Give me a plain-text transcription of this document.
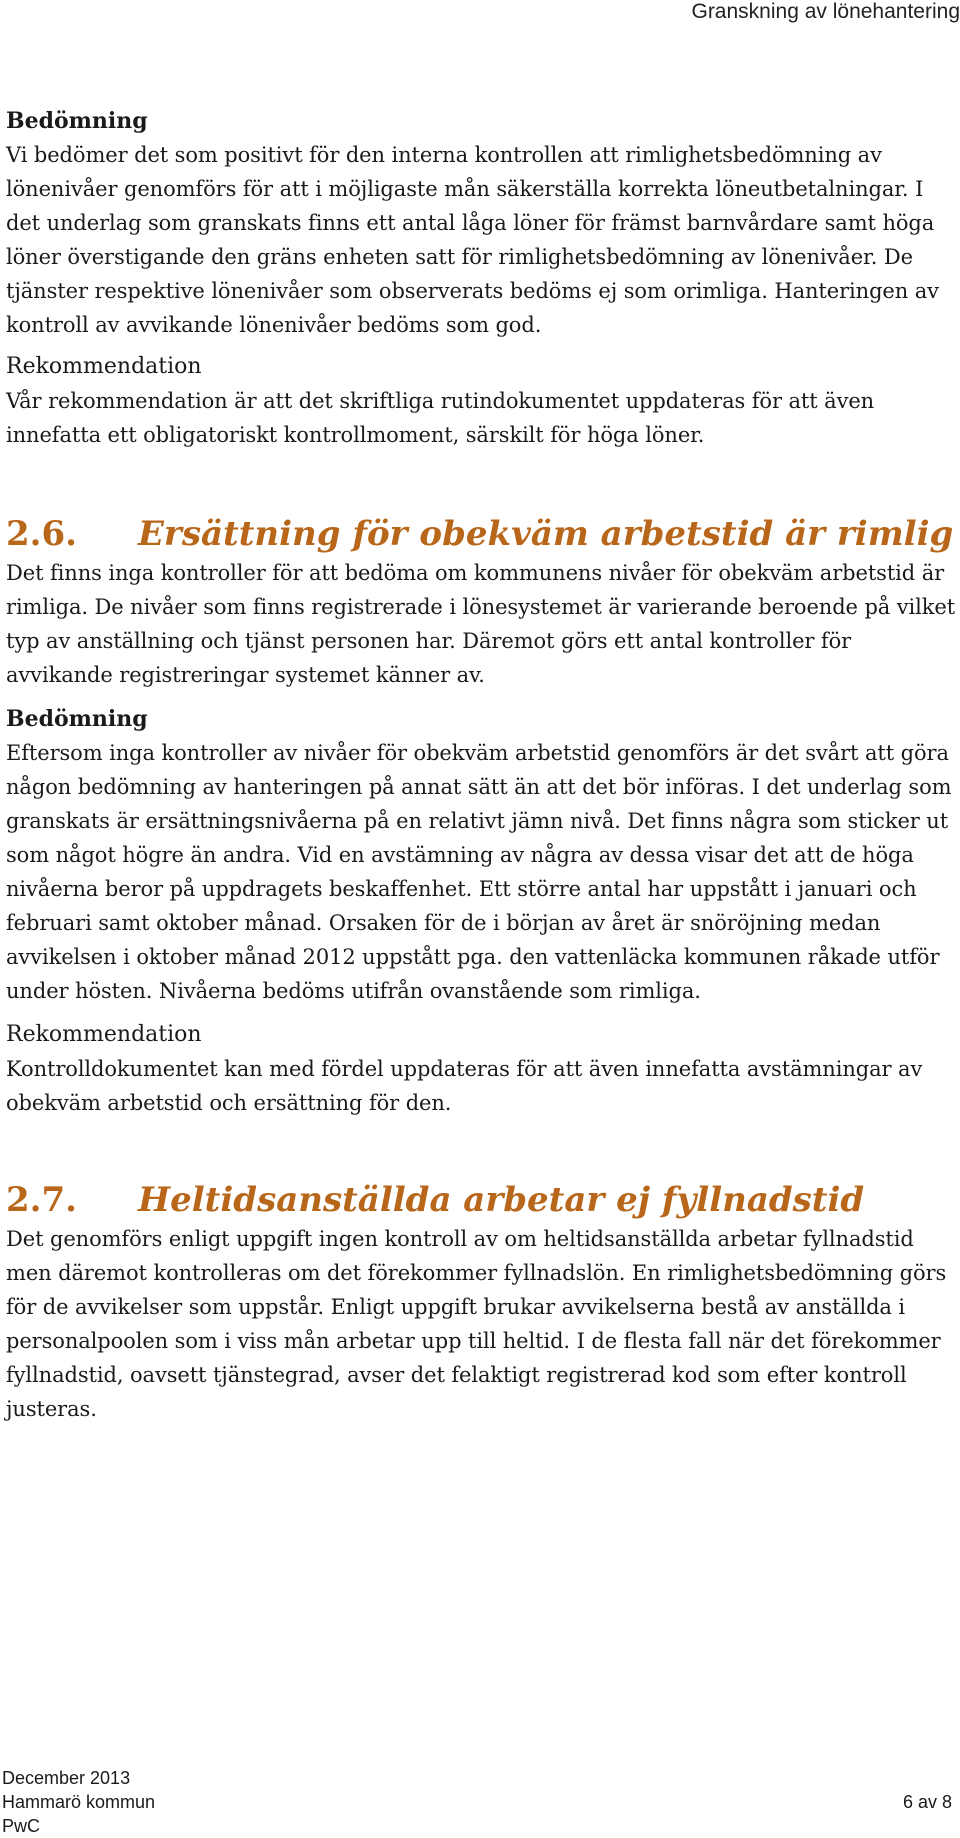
Granskning av lönehantering

Bedömning

Vi bedömer det som positivt för den interna kontrollen att rimlighetsbedömning av lönenivåer genomförs för att i möjligaste mån säkerställa korrekta löneutbetalningar. I det underlag som granskats finns ett antal låga löner för främst barnvårdare samt höga löner överstigande den gräns enheten satt för rimlighetsbedömning av lönenivåer. De tjänster respektive lönenivåer som observerats bedöms ej som orimliga. Hanteringen av kontroll av avvikande lönenivåer bedöms som god.

Rekommendation

Vår rekommendation är att det skriftliga rutindokumentet uppdateras för att även innefatta ett obligatoriskt kontrollmoment, särskilt för höga löner.

2.6.	Ersättning för obekväm arbetstid är rimlig

Det finns inga kontroller för att bedöma om kommunens nivåer för obekväm arbetstid är rimliga. De nivåer som finns registrerade i lönesystemet är varierande beroende på vilket typ av anställning och tjänst personen har. Däremot görs ett antal kontroller för avvikande registreringar systemet känner av.

Bedömning

Eftersom inga kontroller av nivåer för obekväm arbetstid genomförs är det svårt att göra någon bedömning av hanteringen på annat sätt än att det bör införas. I det underlag som granskats är ersättningsnivåerna på en relativt jämn nivå. Det finns några som sticker ut som något högre än andra. Vid en avstämning av några av dessa visar det att de höga nivåerna beror på uppdragets beskaffenhet. Ett större antal har uppstått i januari och februari samt oktober månad. Orsaken för de i början av året är snöröjning medan avvikelsen i oktober månad 2012 uppstått pga. den vattenläcka kommunen råkade utför under hösten. Nivåerna bedöms utifrån ovanstående som rimliga.

Rekommendation

Kontrolldokumentet kan med fördel uppdateras för att även innefatta avstämningar av obekväm arbetstid och ersättning för den.

2.7.	Heltidsanställda arbetar ej fyllnadstid

Det genomförs enligt uppgift ingen kontroll av om heltidsanställda arbetar fyllnadstid men däremot kontrolleras om det förekommer fyllnadslön. En rimlighetsbedömning görs för de avvikelser som uppstår. Enligt uppgift brukar avvikelserna bestå av anställda i personalpoolen som i viss mån arbetar upp till heltid. I de flesta fall när det förekommer fyllnadstid, oavsett tjänstegrad, avser det felaktigt registrerad kod som efter kontroll justeras.

December 2013
Hammarö kommun	6 av 8
PwC
